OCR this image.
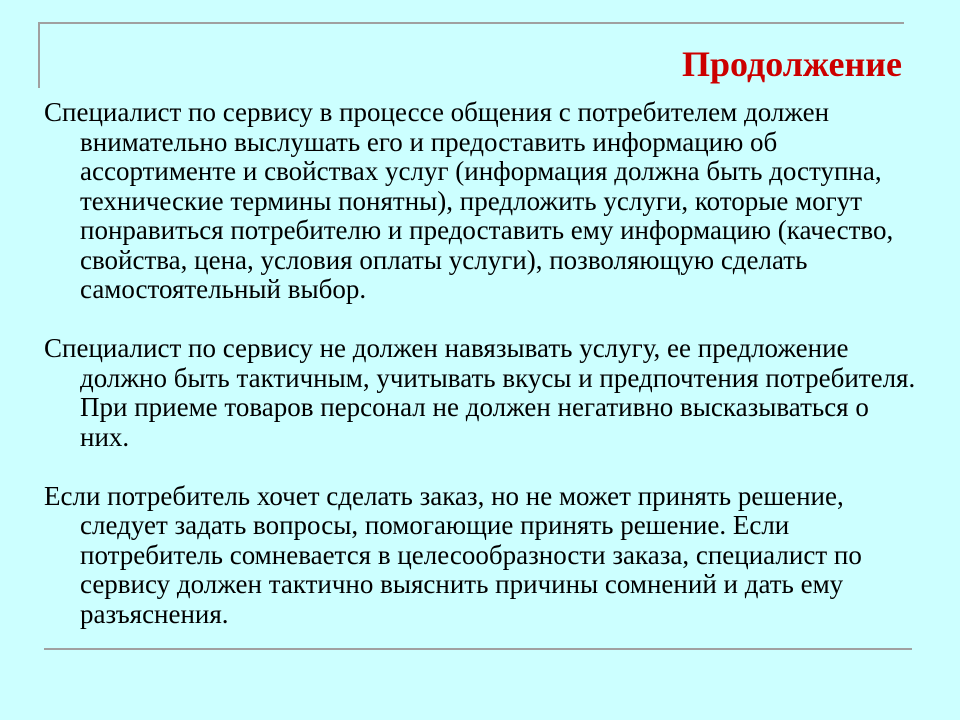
Продолжение

Специалист по сервису в процессе общения с потребителем должен внимательно выслушать его и предоставить информацию об ассортименте и свойствах услуг (информация должна быть доступна, технические термины понятны), предложить услуги, которые могут понравиться потребителю и предоставить ему информацию (качество, свойства, цена, условия оплаты услуги), позволяющую сделать самостоятельный выбор.

Специалист по сервису не должен навязывать услугу, ее предложение должно быть тактичным, учитывать вкусы и предпочтения потребителя. При приеме товаров персонал не должен негативно высказываться о них.

Если потребитель хочет сделать заказ, но не может принять решение, следует задать вопросы, помогающие принять решение. Если потребитель сомневается в целесообразности заказа, специалист по сервису должен тактично выяснить причины сомнений и дать ему разъяснения.
